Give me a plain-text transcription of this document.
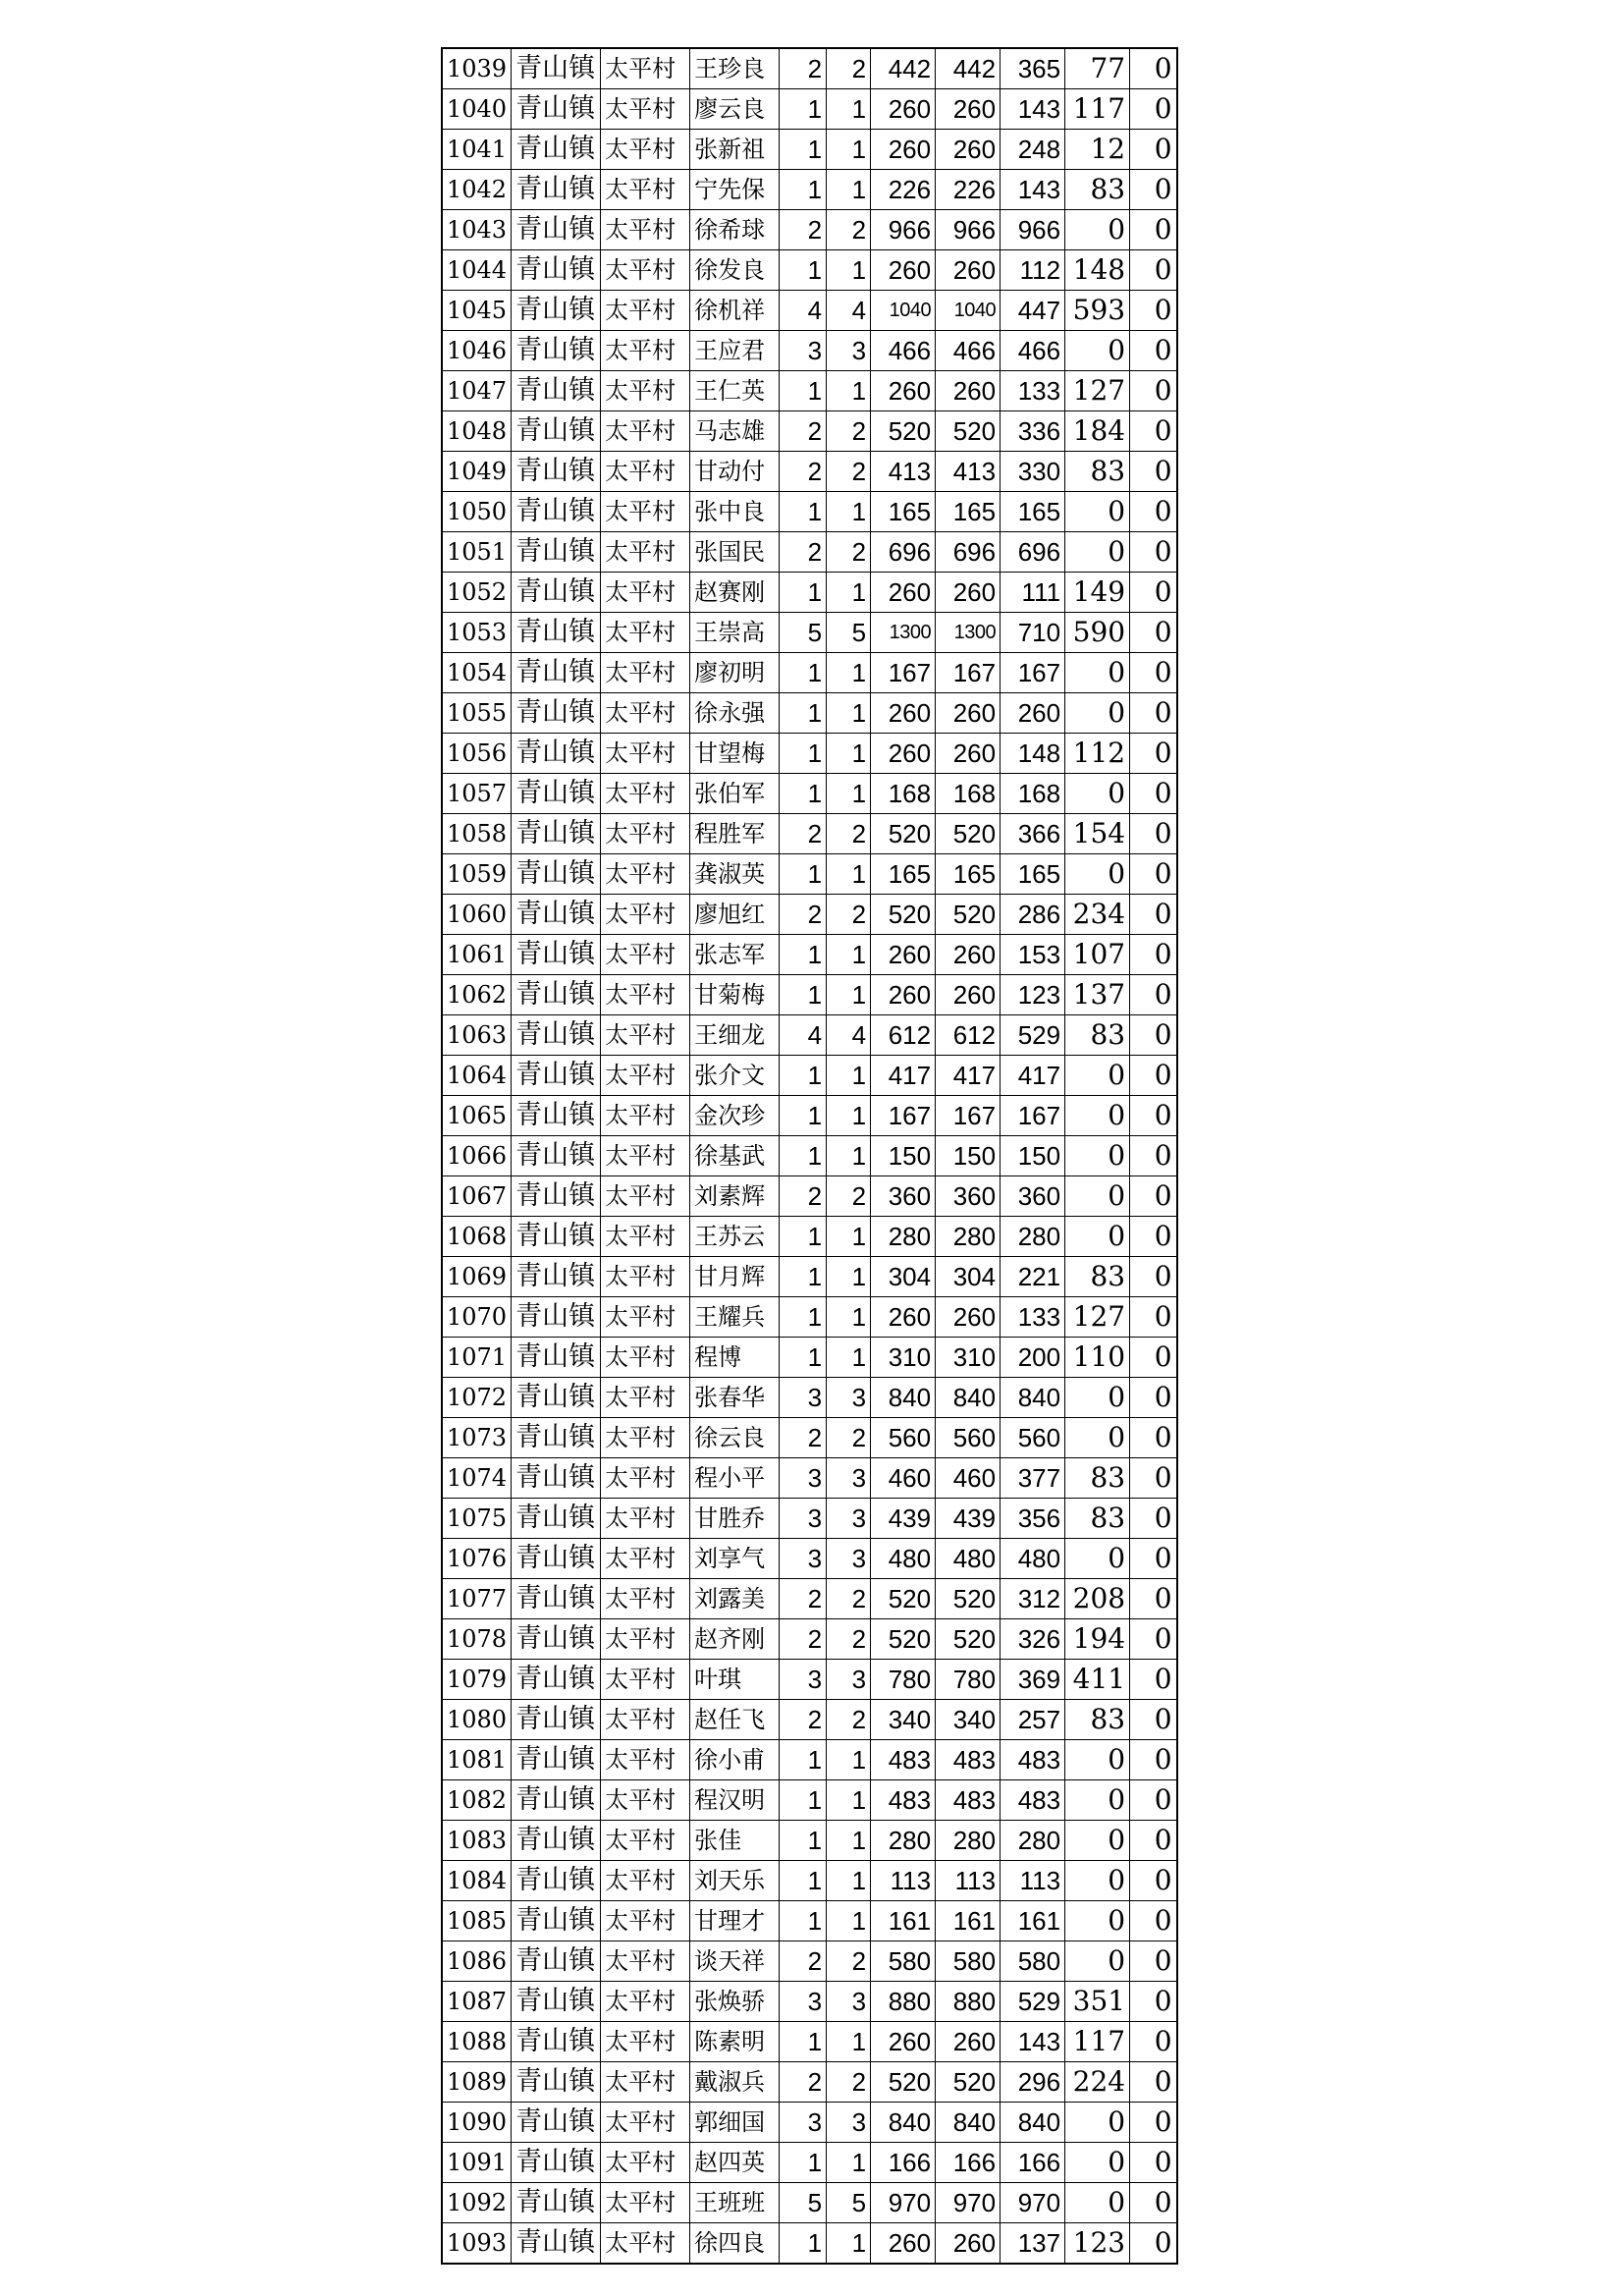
1039	青山镇	太平村	王珍良	2	2	442	442	365	77	0
1040	青山镇	太平村	廖云良	1	1	260	260	143	117	0
1041	青山镇	太平村	张新祖	1	1	260	260	248	12	0
1042	青山镇	太平村	宁先保	1	1	226	226	143	83	0
1043	青山镇	太平村	徐希球	2	2	966	966	966	0	0
1044	青山镇	太平村	徐发良	1	1	260	260	112	148	0
1045	青山镇	太平村	徐机祥	4	4	1040	1040	447	593	0
1046	青山镇	太平村	王应君	3	3	466	466	466	0	0
1047	青山镇	太平村	王仁英	1	1	260	260	133	127	0
1048	青山镇	太平村	马志雄	2	2	520	520	336	184	0
1049	青山镇	太平村	甘动付	2	2	413	413	330	83	0
1050	青山镇	太平村	张中良	1	1	165	165	165	0	0
1051	青山镇	太平村	张国民	2	2	696	696	696	0	0
1052	青山镇	太平村	赵赛刚	1	1	260	260	111	149	0
1053	青山镇	太平村	王崇高	5	5	1300	1300	710	590	0
1054	青山镇	太平村	廖初明	1	1	167	167	167	0	0
1055	青山镇	太平村	徐永强	1	1	260	260	260	0	0
1056	青山镇	太平村	甘望梅	1	1	260	260	148	112	0
1057	青山镇	太平村	张伯军	1	1	168	168	168	0	0
1058	青山镇	太平村	程胜军	2	2	520	520	366	154	0
1059	青山镇	太平村	龚淑英	1	1	165	165	165	0	0
1060	青山镇	太平村	廖旭红	2	2	520	520	286	234	0
1061	青山镇	太平村	张志军	1	1	260	260	153	107	0
1062	青山镇	太平村	甘菊梅	1	1	260	260	123	137	0
1063	青山镇	太平村	王细龙	4	4	612	612	529	83	0
1064	青山镇	太平村	张介文	1	1	417	417	417	0	0
1065	青山镇	太平村	金次珍	1	1	167	167	167	0	0
1066	青山镇	太平村	徐基武	1	1	150	150	150	0	0
1067	青山镇	太平村	刘素辉	2	2	360	360	360	0	0
1068	青山镇	太平村	王苏云	1	1	280	280	280	0	0
1069	青山镇	太平村	甘月辉	1	1	304	304	221	83	0
1070	青山镇	太平村	王耀兵	1	1	260	260	133	127	0
1071	青山镇	太平村	程博	1	1	310	310	200	110	0
1072	青山镇	太平村	张春华	3	3	840	840	840	0	0
1073	青山镇	太平村	徐云良	2	2	560	560	560	0	0
1074	青山镇	太平村	程小平	3	3	460	460	377	83	0
1075	青山镇	太平村	甘胜乔	3	3	439	439	356	83	0
1076	青山镇	太平村	刘享气	3	3	480	480	480	0	0
1077	青山镇	太平村	刘露美	2	2	520	520	312	208	0
1078	青山镇	太平村	赵齐刚	2	2	520	520	326	194	0
1079	青山镇	太平村	叶琪	3	3	780	780	369	411	0
1080	青山镇	太平村	赵任飞	2	2	340	340	257	83	0
1081	青山镇	太平村	徐小甫	1	1	483	483	483	0	0
1082	青山镇	太平村	程汉明	1	1	483	483	483	0	0
1083	青山镇	太平村	张佳	1	1	280	280	280	0	0
1084	青山镇	太平村	刘天乐	1	1	113	113	113	0	0
1085	青山镇	太平村	甘理才	1	1	161	161	161	0	0
1086	青山镇	太平村	谈天祥	2	2	580	580	580	0	0
1087	青山镇	太平村	张焕骄	3	3	880	880	529	351	0
1088	青山镇	太平村	陈素明	1	1	260	260	143	117	0
1089	青山镇	太平村	戴淑兵	2	2	520	520	296	224	0
1090	青山镇	太平村	郭细国	3	3	840	840	840	0	0
1091	青山镇	太平村	赵四英	1	1	166	166	166	0	0
1092	青山镇	太平村	王班班	5	5	970	970	970	0	0
1093	青山镇	太平村	徐四良	1	1	260	260	137	123	0
